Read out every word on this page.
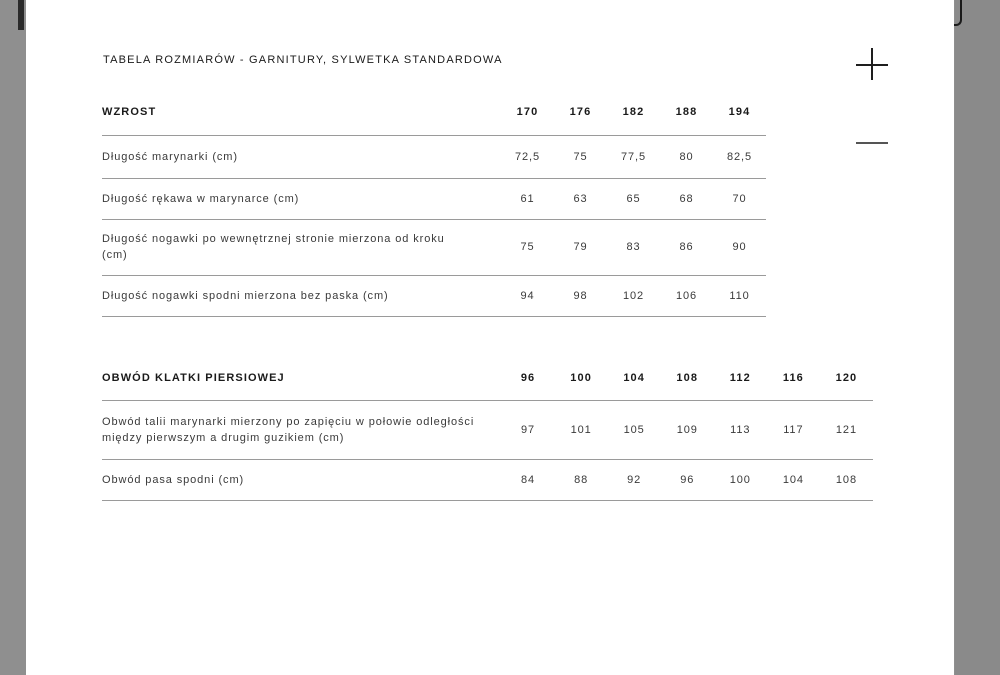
TABELA ROZMIARÓW - GARNITURY, SYLWETKA STANDARDOWA
WZROST	170	176	182	188	194
Długość marynarki (cm)	72,5	75	77,5	80	82,5
Długość rękawa w marynarce (cm)	61	63	65	68	70

Długość nogawki po wewnętrznej stronie mierzona od kroku
(cm)	75	79	83	86	90
Długość nogawki spodni mierzona bez paska (cm)	94	98	102	106	110
OBWÓD KLATKI PIERSIOWEJ	96	100	104	108	112	116	120

Obwód talii marynarki mierzony po zapięciu w połowie odległości
między pierwszym a drugim guzikiem (cm)	97	101	105	109	113	117	121
Obwód pasa spodni (cm)	84	88	92	96	100	104	108
